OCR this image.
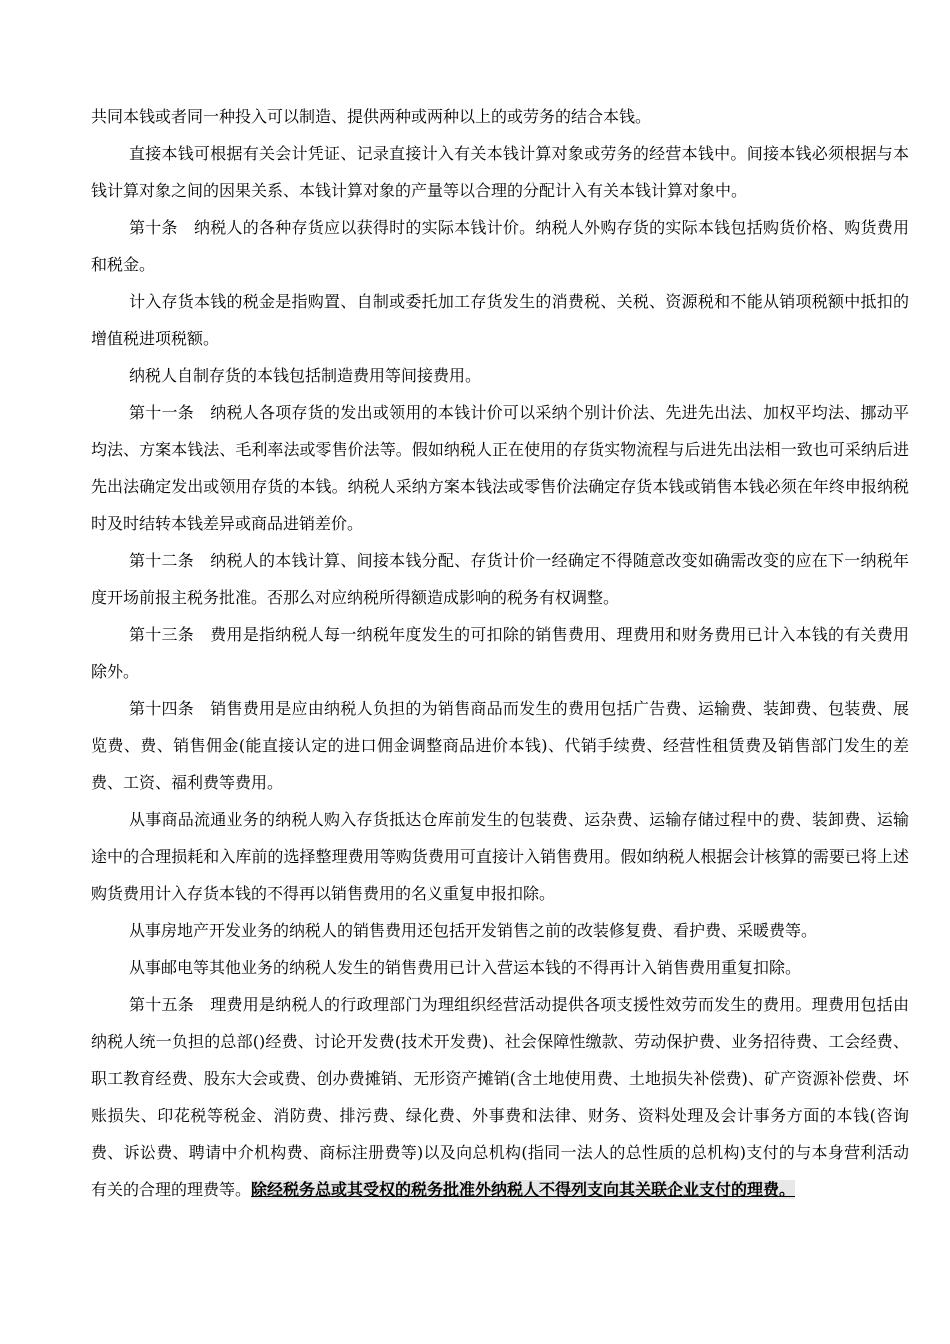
共同本钱或者同一种投入可以制造、提供两种或两种以上的或劳务的结合本钱。

直接本钱可根据有关会计凭证、记录直接计入有关本钱计算对象或劳务的经营本钱中。间接本钱必须根据与本钱计算对象之间的因果关系、本钱计算对象的产量等以合理的分配计入有关本钱计算对象中。

第十条　纳税人的各种存货应以获得时的实际本钱计价。纳税人外购存货的实际本钱包括购货价格、购货费用和税金。

计入存货本钱的税金是指购置、自制或委托加工存货发生的消费税、关税、资源税和不能从销项税额中抵扣的增值税进项税额。

纳税人自制存货的本钱包括制造费用等间接费用。

第十一条　纳税人各项存货的发出或领用的本钱计价可以采纳个别计价法、先进先出法、加权平均法、挪动平均法、方案本钱法、毛利率法或零售价法等。假如纳税人正在使用的存货实物流程与后进先出法相一致也可采纳后进先出法确定发出或领用存货的本钱。纳税人采纳方案本钱法或零售价法确定存货本钱或销售本钱必须在年终申报纳税时及时结转本钱差异或商品进销差价。

第十二条　纳税人的本钱计算、间接本钱分配、存货计价一经确定不得随意改变如确需改变的应在下一纳税年度开场前报主税务批准。否那么对应纳税所得额造成影响的税务有权调整。

第十三条　费用是指纳税人每一纳税年度发生的可扣除的销售费用、理费用和财务费用已计入本钱的有关费用除外。

第十四条　销售费用是应由纳税人负担的为销售商品而发生的费用包括广告费、运输费、装卸费、包装费、展览费、费、销售佣金(能直接认定的进口佣金调整商品进价本钱)、代销手续费、经营性租赁费及销售部门发生的差费、工资、福利费等费用。

从事商品流通业务的纳税人购入存货抵达仓库前发生的包装费、运杂费、运输存储过程中的费、装卸费、运输途中的合理损耗和入库前的选择整理费用等购货费用可直接计入销售费用。假如纳税人根据会计核算的需要已将上述购货费用计入存货本钱的不得再以销售费用的名义重复申报扣除。

从事房地产开发业务的纳税人的销售费用还包括开发销售之前的改装修复费、看护费、采暖费等。

从事邮电等其他业务的纳税人发生的销售费用已计入营运本钱的不得再计入销售费用重复扣除。

第十五条　理费用是纳税人的行政理部门为理组织经营活动提供各项支援性效劳而发生的费用。理费用包括由纳税人统一负担的总部()经费、讨论开发费(技术开发费)、社会保障性缴款、劳动保护费、业务招待费、工会经费、职工教育经费、股东大会或费、创办费摊销、无形资产摊销(含土地使用费、土地损失补偿费)、矿产资源补偿费、坏账损失、印花税等税金、消防费、排污费、绿化费、外事费和法律、财务、资料处理及会计事务方面的本钱(咨询费、诉讼费、聘请中介机构费、商标注册费等)以及向总机构(指同一法人的总性质的总机构)支付的与本身营利活动有关的合理的理费等。除经税务总或其受权的税务批准外纳税人不得列支向其关联企业支付的理费。
